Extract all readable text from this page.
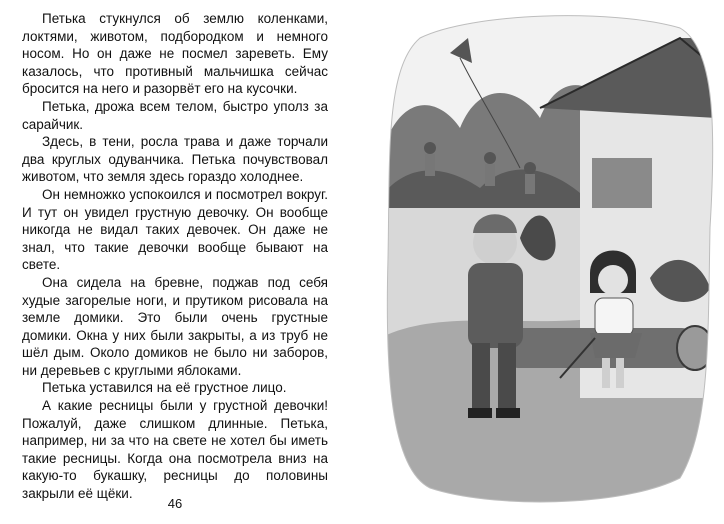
Петька стукнулся об землю коленками, локтями, животом, подбородком и немного носом. Но он даже не посмел зареветь. Ему казалось, что противный мальчишка сейчас бросится на него и разорвёт его на кусочки.

Петька, дрожа всем телом, быстро уполз за сарайчик.

Здесь, в тени, росла трава и даже торчали два круглых одуванчика. Петька почувствовал животом, что земля здесь гораздо холоднее.

Он немножко успокоился и посмотрел вокруг. И тут он увидел грустную девочку. Он вообще никогда не видал таких девочек. Он даже не знал, что такие девочки вообще бывают на свете.

Она сидела на бревне, поджав под себя худые загорелые ноги, и прутиком рисовала на земле домики. Это были очень грустные домики. Окна у них были закрыты, а из труб не шёл дым. Около домиков не было ни заборов, ни деревьев с круглыми яблоками.

Петька уставился на её грустное лицо.

А какие ресницы были у грустной девочки! Пожалуй, даже слишком длинные. Петька, например, ни за что на свете не хотел бы иметь такие ресницы. Когда она посмотрела вниз на какую-то букашку, ресницы до половины закрыли её щёки.

46
